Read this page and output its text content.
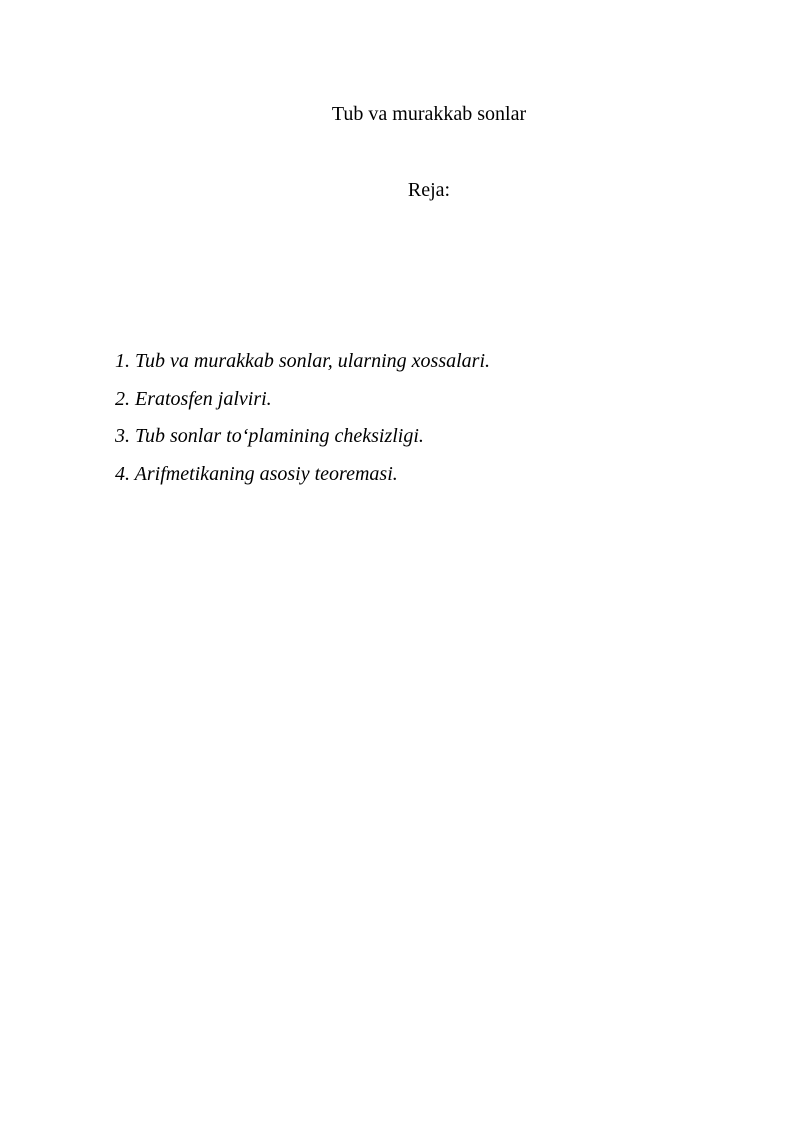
Tub va murakkab sonlar
Reja:
1. Tub va murakkab sonlar, ularning xossalari.
2. Eratosfen jalviri.
3. Tub sonlar to‘plamining cheksizligi.
4. Arifmetikaning asosiy teoremasi.
